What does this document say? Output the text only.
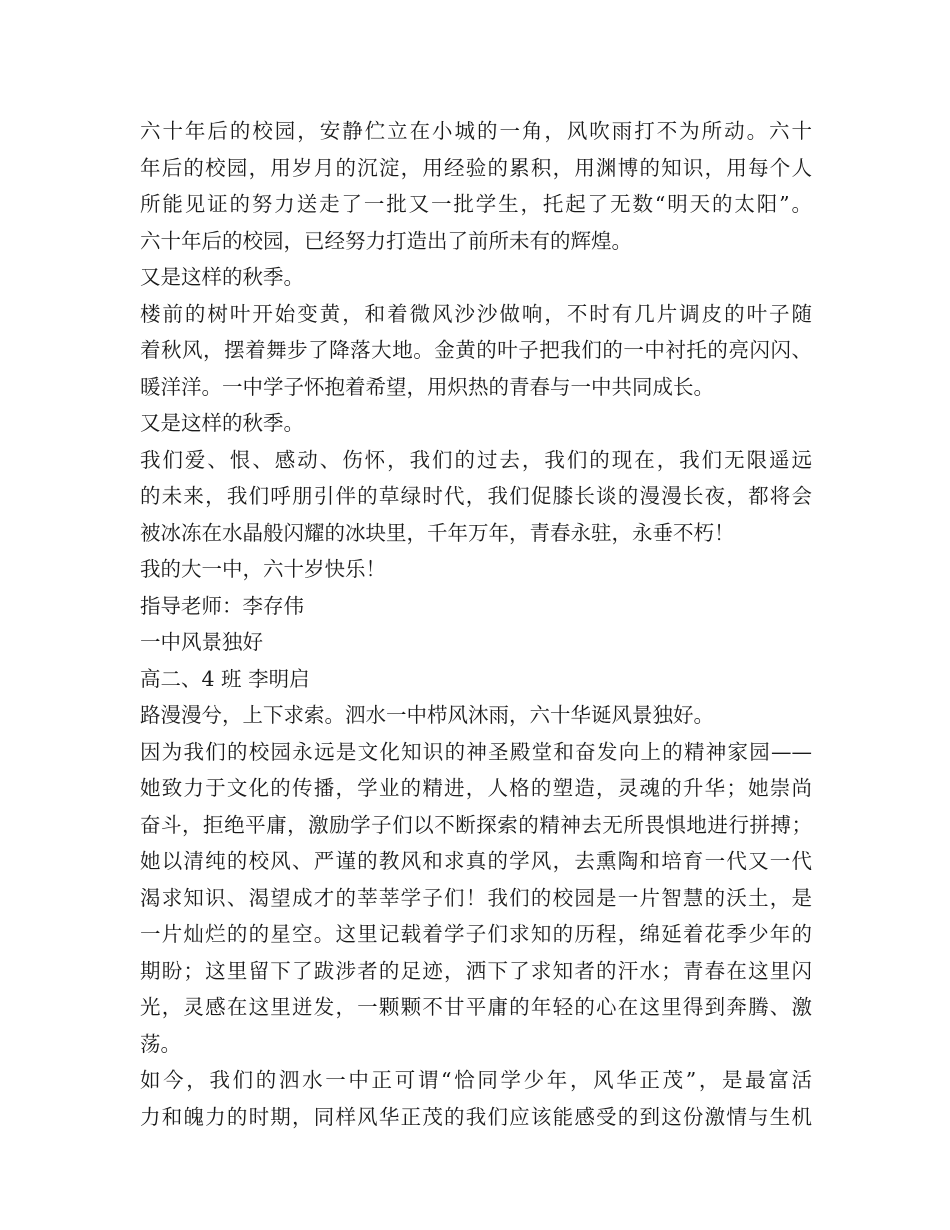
六十年后的校园，安静伫立在小城的一角，风吹雨打不为所动。六十
年后的校园，用岁月的沉淀，用经验的累积，用渊博的知识，用每个人
所能见证的努力送走了一批又一批学生，托起了无数“明天的太阳”。
六十年后的校园，已经努力打造出了前所未有的辉煌。
又是这样的秋季。
楼前的树叶开始变黄，和着微风沙沙做响，不时有几片调皮的叶子随
着秋风，摆着舞步了降落大地。金黄的叶子把我们的一中衬托的亮闪闪、
暖洋洋。一中学子怀抱着希望，用炽热的青春与一中共同成长。
又是这样的秋季。
我们爱、恨、感动、伤怀，我们的过去，我们的现在，我们无限遥远
的未来，我们呼朋引伴的草绿时代，我们促膝长谈的漫漫长夜，都将会
被冰冻在水晶般闪耀的冰块里，千年万年，青春永驻，永垂不朽！
我的大一中，六十岁快乐！
指导老师：李存伟
一中风景独好
高二、4 班 李明启
路漫漫兮，上下求索。泗水一中栉风沐雨，六十华诞风景独好。
因为我们的校园永远是文化知识的神圣殿堂和奋发向上的精神家园——
她致力于文化的传播，学业的精进，人格的塑造，灵魂的升华；她崇尚
奋斗，拒绝平庸，激励学子们以不断探索的精神去无所畏惧地进行拼搏；
她以清纯的校风、严谨的教风和求真的学风，去熏陶和培育一代又一代
渴求知识、渴望成才的莘莘学子们！我们的校园是一片智慧的沃土，是
一片灿烂的的星空。这里记载着学子们求知的历程，绵延着花季少年的
期盼；这里留下了跋涉者的足迹，洒下了求知者的汗水；青春在这里闪
光，灵感在这里迸发，一颗颗不甘平庸的年轻的心在这里得到奔腾、激
荡。
如今，我们的泗水一中正可谓“恰同学少年，风华正茂”，是最富活
力和魄力的时期，同样风华正茂的我们应该能感受的到这份激情与生机
